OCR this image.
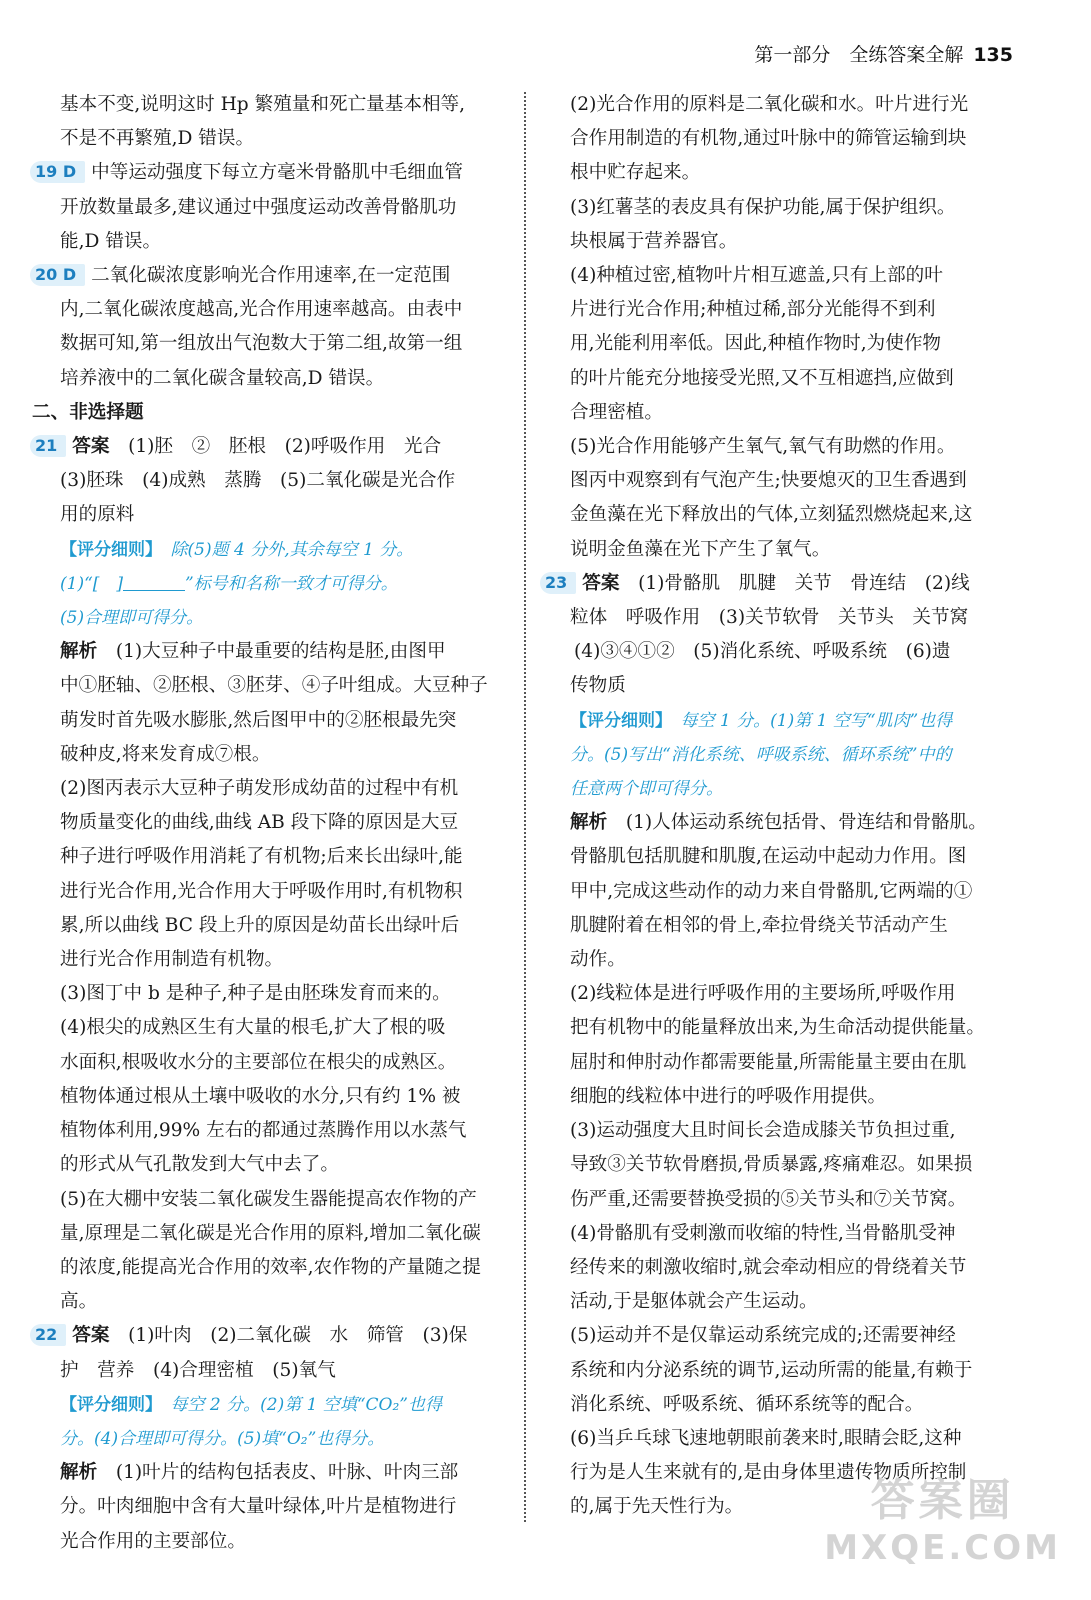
第一部分　全练答案全解 135

基本不变,说明这时 Hp 繁殖量和死亡量基本相等,

不是不再繁殖,D 错误。

19 D 中等运动强度下每立方毫米骨骼肌中毛细血管

开放数量最多,建议通过中强度运动改善骨骼肌功

能,D 错误。

20 D 二氧化碳浓度影响光合作用速率,在一定范围

内,二氧化碳浓度越高,光合作用速率越高。由表中

数据可知,第一组放出气泡数大于第二组,故第一组

培养液中的二氧化碳含量较高,D 错误。

二、非选择题

21 答案　 (1)胚　②　胚根　(2)呼吸作用　光合

(3)胚珠　(4)成熟　蒸腾　(5)二氧化碳是光合作

用的原料

【评分细则】　 除(5)题 4 分外,其余每空 1 分。

(1)“[　]	”标号和名称一致才可得分。

(5)合理即可得分。

解析　 (1)大豆种子中最重要的结构是胚,由图甲

中①胚轴、②胚根、③胚芽、④子叶组成。大豆种子

萌发时首先吸水膨胀,然后图甲中的②胚根最先突

破种皮,将来发育成⑦根。

(2)图丙表示大豆种子萌发形成幼苗的过程中有机

物质量变化的曲线,曲线 AB 段下降的原因是大豆

种子进行呼吸作用消耗了有机物;后来长出绿叶,能

进行光合作用,光合作用大于呼吸作用时,有机物积

累,所以曲线 BC 段上升的原因是幼苗长出绿叶后

进行光合作用制造有机物。

(3)图丁中 b 是种子,种子是由胚珠发育而来的。

(4)根尖的成熟区生有大量的根毛,扩大了根的吸

水面积,根吸收水分的主要部位在根尖的成熟区。

植物体通过根从土壤中吸收的水分,只有约 1% 被

植物体利用,99% 左右的都通过蒸腾作用以水蒸气

的形式从气孔散发到大气中去了。

(5)在大棚中安装二氧化碳发生器能提高农作物的产

量,原理是二氧化碳是光合作用的原料,增加二氧化碳

的浓度,能提高光合作用的效率,农作物的产量随之提高。

22 答案　 (1)叶肉　(2)二氧化碳　水　筛管　(3)保

护　营养　(4)合理密植　(5)氧气

【评分细则】　 每空 2 分。(2)第 1 空填“CO₂”也得

分。(4)合理即可得分。(5)填“O₂”也得分。

解析　 (1)叶片的结构包括表皮、叶脉、叶肉三部

分。叶肉细胞中含有大量叶绿体,叶片是植物进行

光合作用的主要部位。

(2)光合作用的原料是二氧化碳和水。叶片进行光

合作用制造的有机物,通过叶脉中的筛管运输到块

根中贮存起来。

(3)红薯茎的表皮具有保护功能,属于保护组织。

块根属于营养器官。

(4)种植过密,植物叶片相互遮盖,只有上部的叶

片进行光合作用;种植过稀,部分光能得不到利

用,光能利用率低。因此,种植作物时,为使作物

的叶片能充分地接受光照,又不互相遮挡,应做到

合理密植。

(5)光合作用能够产生氧气,氧气有助燃的作用。

图丙中观察到有气泡产生;快要熄灭的卫生香遇到

金鱼藻在光下释放出的气体,立刻猛烈燃烧起来,这

说明金鱼藻在光下产生了氧气。

23 答案　 (1)骨骼肌　肌腱　关节　骨连结　(2)线

粒体　呼吸作用　(3)关节软骨　关节头　关节窝

(4)③④①②　(5)消化系统、呼吸系统　(6)遗

传物质

【评分细则】　 每空 1 分。(1)第 1 空写“肌肉”也得

分。(5)写出“消化系统、呼吸系统、循环系统”中的

任意两个即可得分。

解析　 (1)人体运动系统包括骨、骨连结和骨骼肌。

骨骼肌包括肌腱和肌腹,在运动中起动力作用。图

甲中,完成这些动作的动力来自骨骼肌,它两端的①

肌腱附着在相邻的骨上,牵拉骨绕关节活动产生

动作。

(2)线粒体是进行呼吸作用的主要场所,呼吸作用

把有机物中的能量释放出来,为生命活动提供能量。

屈肘和伸肘动作都需要能量,所需能量主要由在肌

细胞的线粒体中进行的呼吸作用提供。

(3)运动强度大且时间长会造成膝关节负担过重,

导致③关节软骨磨损,骨质暴露,疼痛难忍。如果损

伤严重,还需要替换受损的⑤关节头和⑦关节窝。

(4)骨骼肌有受刺激而收缩的特性,当骨骼肌受神

经传来的刺激收缩时,就会牵动相应的骨绕着关节

活动,于是躯体就会产生运动。

(5)运动并不是仅靠运动系统完成的;还需要神经

系统和内分泌系统的调节,运动所需的能量,有赖于

消化系统、呼吸系统、循环系统等的配合。

(6)当乒乓球飞速地朝眼前袭来时,眼睛会眨,这种

行为是人生来就有的,是由身体里遗传物质所控制

的,属于先天性行为。	答案圈
MXQE.COM
